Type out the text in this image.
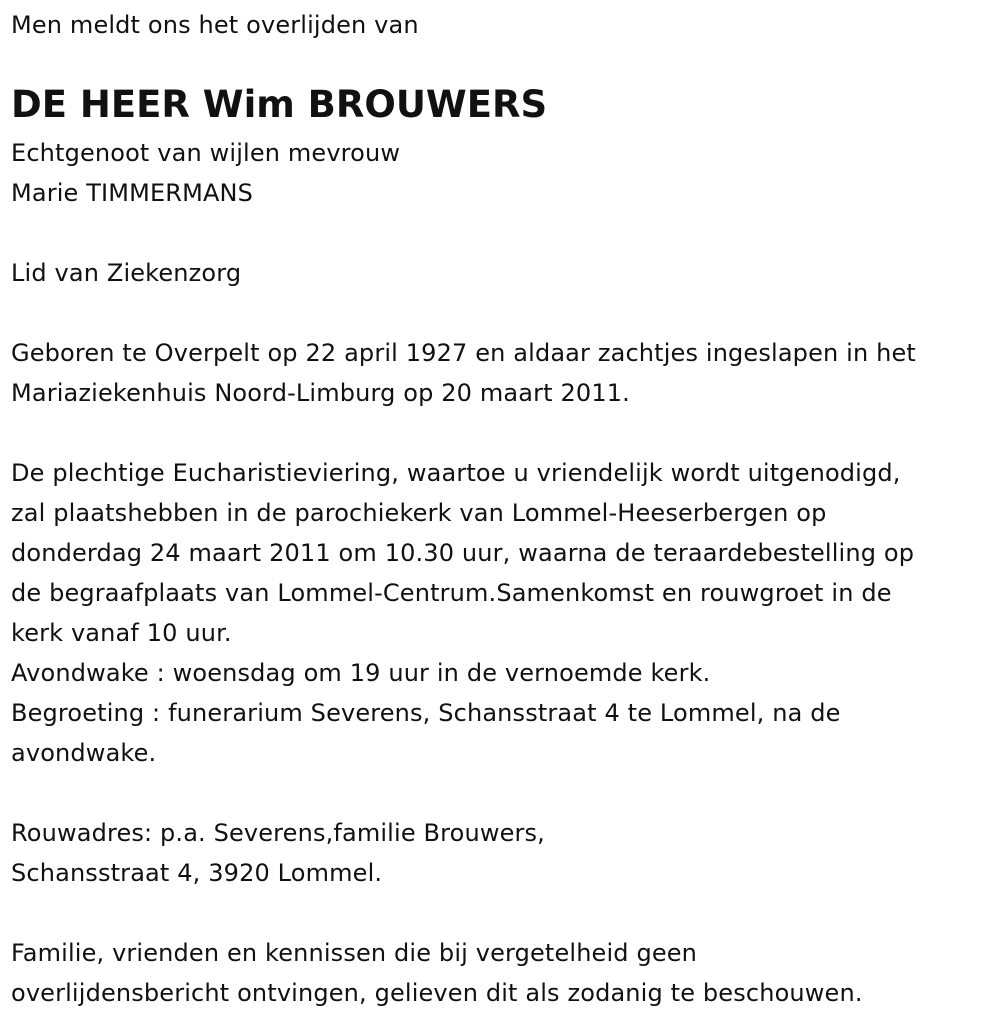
Men meldt ons het overlijden van
DE HEER Wim BROUWERS
Echtgenoot van wijlen mevrouw
Marie TIMMERMANS
Lid van Ziekenzorg
Geboren te Overpelt op 22 april 1927 en aldaar zachtjes ingeslapen in het
Mariaziekenhuis Noord-Limburg op 20 maart 2011.
De plechtige Eucharistieviering, waartoe u vriendelijk wordt uitgenodigd,
zal plaatshebben in de parochiekerk van Lommel-Heeserbergen op
donderdag 24 maart 2011 om 10.30 uur, waarna de teraardebestelling op
de begraafplaats van Lommel-Centrum.Samenkomst en rouwgroet in de
kerk vanaf 10 uur.
Avondwake : woensdag om 19 uur in de vernoemde kerk.
Begroeting : funerarium Severens, Schansstraat 4 te Lommel, na de
avondwake.
Rouwadres: p.a. Severens,familie Brouwers,
Schansstraat 4, 3920 Lommel.
Familie, vrienden en kennissen die bij vergetelheid geen
overlijdensbericht ontvingen, gelieven dit als zodanig te beschouwen.
